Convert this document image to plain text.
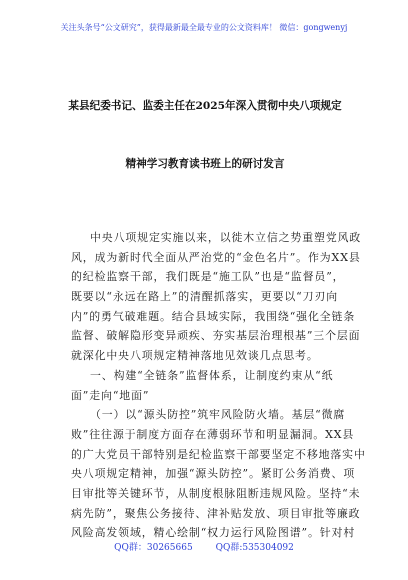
关注头条号“公文研究”，获得最新最全最专业的公文资料库！ 微信：gongwenyj
某县纪委书记、监委主任在2025年深入贯彻中央八项规定
精神学习教育读书班上的研讨发言
中央八项规定实施以来，以徙木立信之势重塑党风政
风，成为新时代全面从严治党的“金色名片”。作为XX县
的纪检监察干部，我们既是“施工队”也是“监督员”，
既要以“永远在路上”的清醒抓落实，更要以“刀刃向
内”的勇气破难题。结合县域实际，我围绕“强化全链条
监督、破解隐形变异顽疾、夯实基层治理根基”三个层面
就深化中央八项规定精神落地见效谈几点思考。
一、构建“全链条”监督体系，让制度约束从“纸
面”走向“地面”
（一）以“源头防控”筑牢风险防火墙。基层“微腐
败”往往源于制度方面存在薄弱环节和明显漏洞。XX县
的广大党员干部特别是纪检监察干部要坚定不移地落实中
央八项规定精神，加强“源头防控”。紧盯公务消费、项
目审批等关键环节，从制度根脉阻断违规风险。坚持“未
病先防”，聚焦公务接待、津补贴发放、项目审批等廉政
风险高发领域，精心绘制“权力运行风险图谱”。针对村
QQ群：30265665	QQ群:535304092
